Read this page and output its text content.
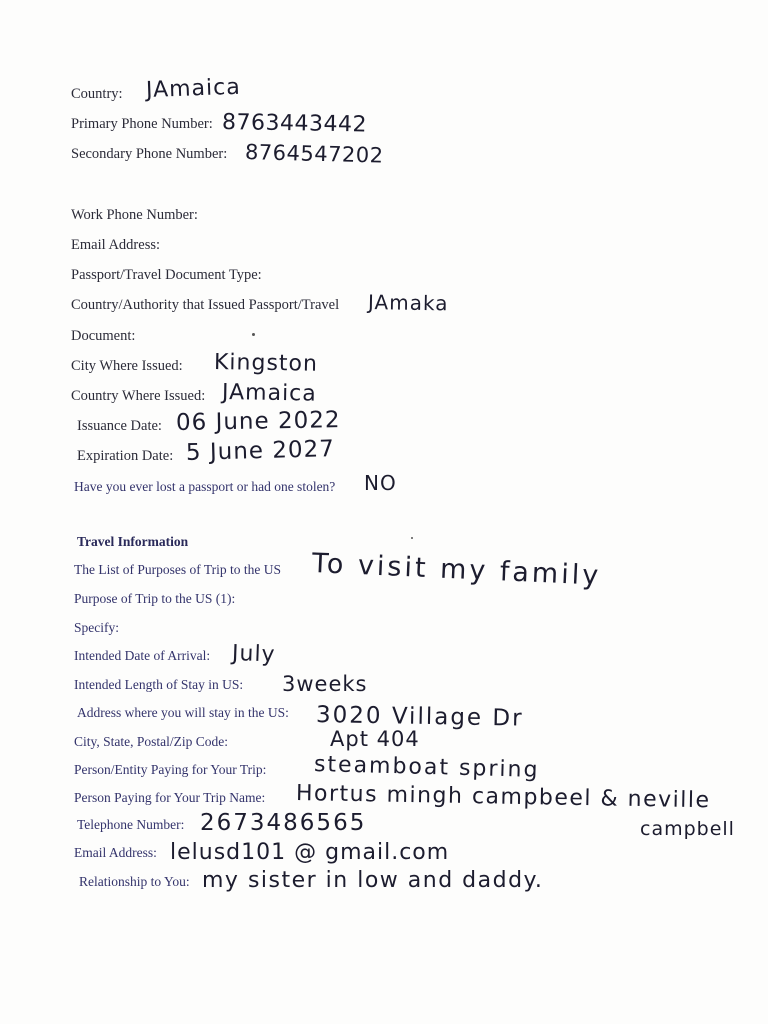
Country: JAmaica
Primary Phone Number: 8763443442
Secondary Phone Number: 8764547202
Work Phone Number:
Email Address:
Passport/Travel Document Type:
Country/Authority that Issued Passport/Travel JAmaka
Document:
City Where Issued: Kingston
Country Where Issued: JAmaica
Issuance Date: 06 June 2022
Expiration Date: 5 June 2027
Have you ever lost a passport or had one stolen? NO
Travel Information
The List of Purposes of Trip to the US To visit my family
Purpose of Trip to the US (1):
Specify:
Intended Date of Arrival: July
Intended Length of Stay in US: 3weeks
Address where you will stay in the US: 3020 Village Dr
Apt 404
City, State, Postal/Zip Code:
steamboat spring
Person/Entity Paying for Your Trip:
Person Paying for Your Trip Name: Hortus mingh campbeel & neville
campbell
Telephone Number: 2673486565
Email Address: lelusd101 @ gmail.com
Relationship to You: my sister in low and daddy.
